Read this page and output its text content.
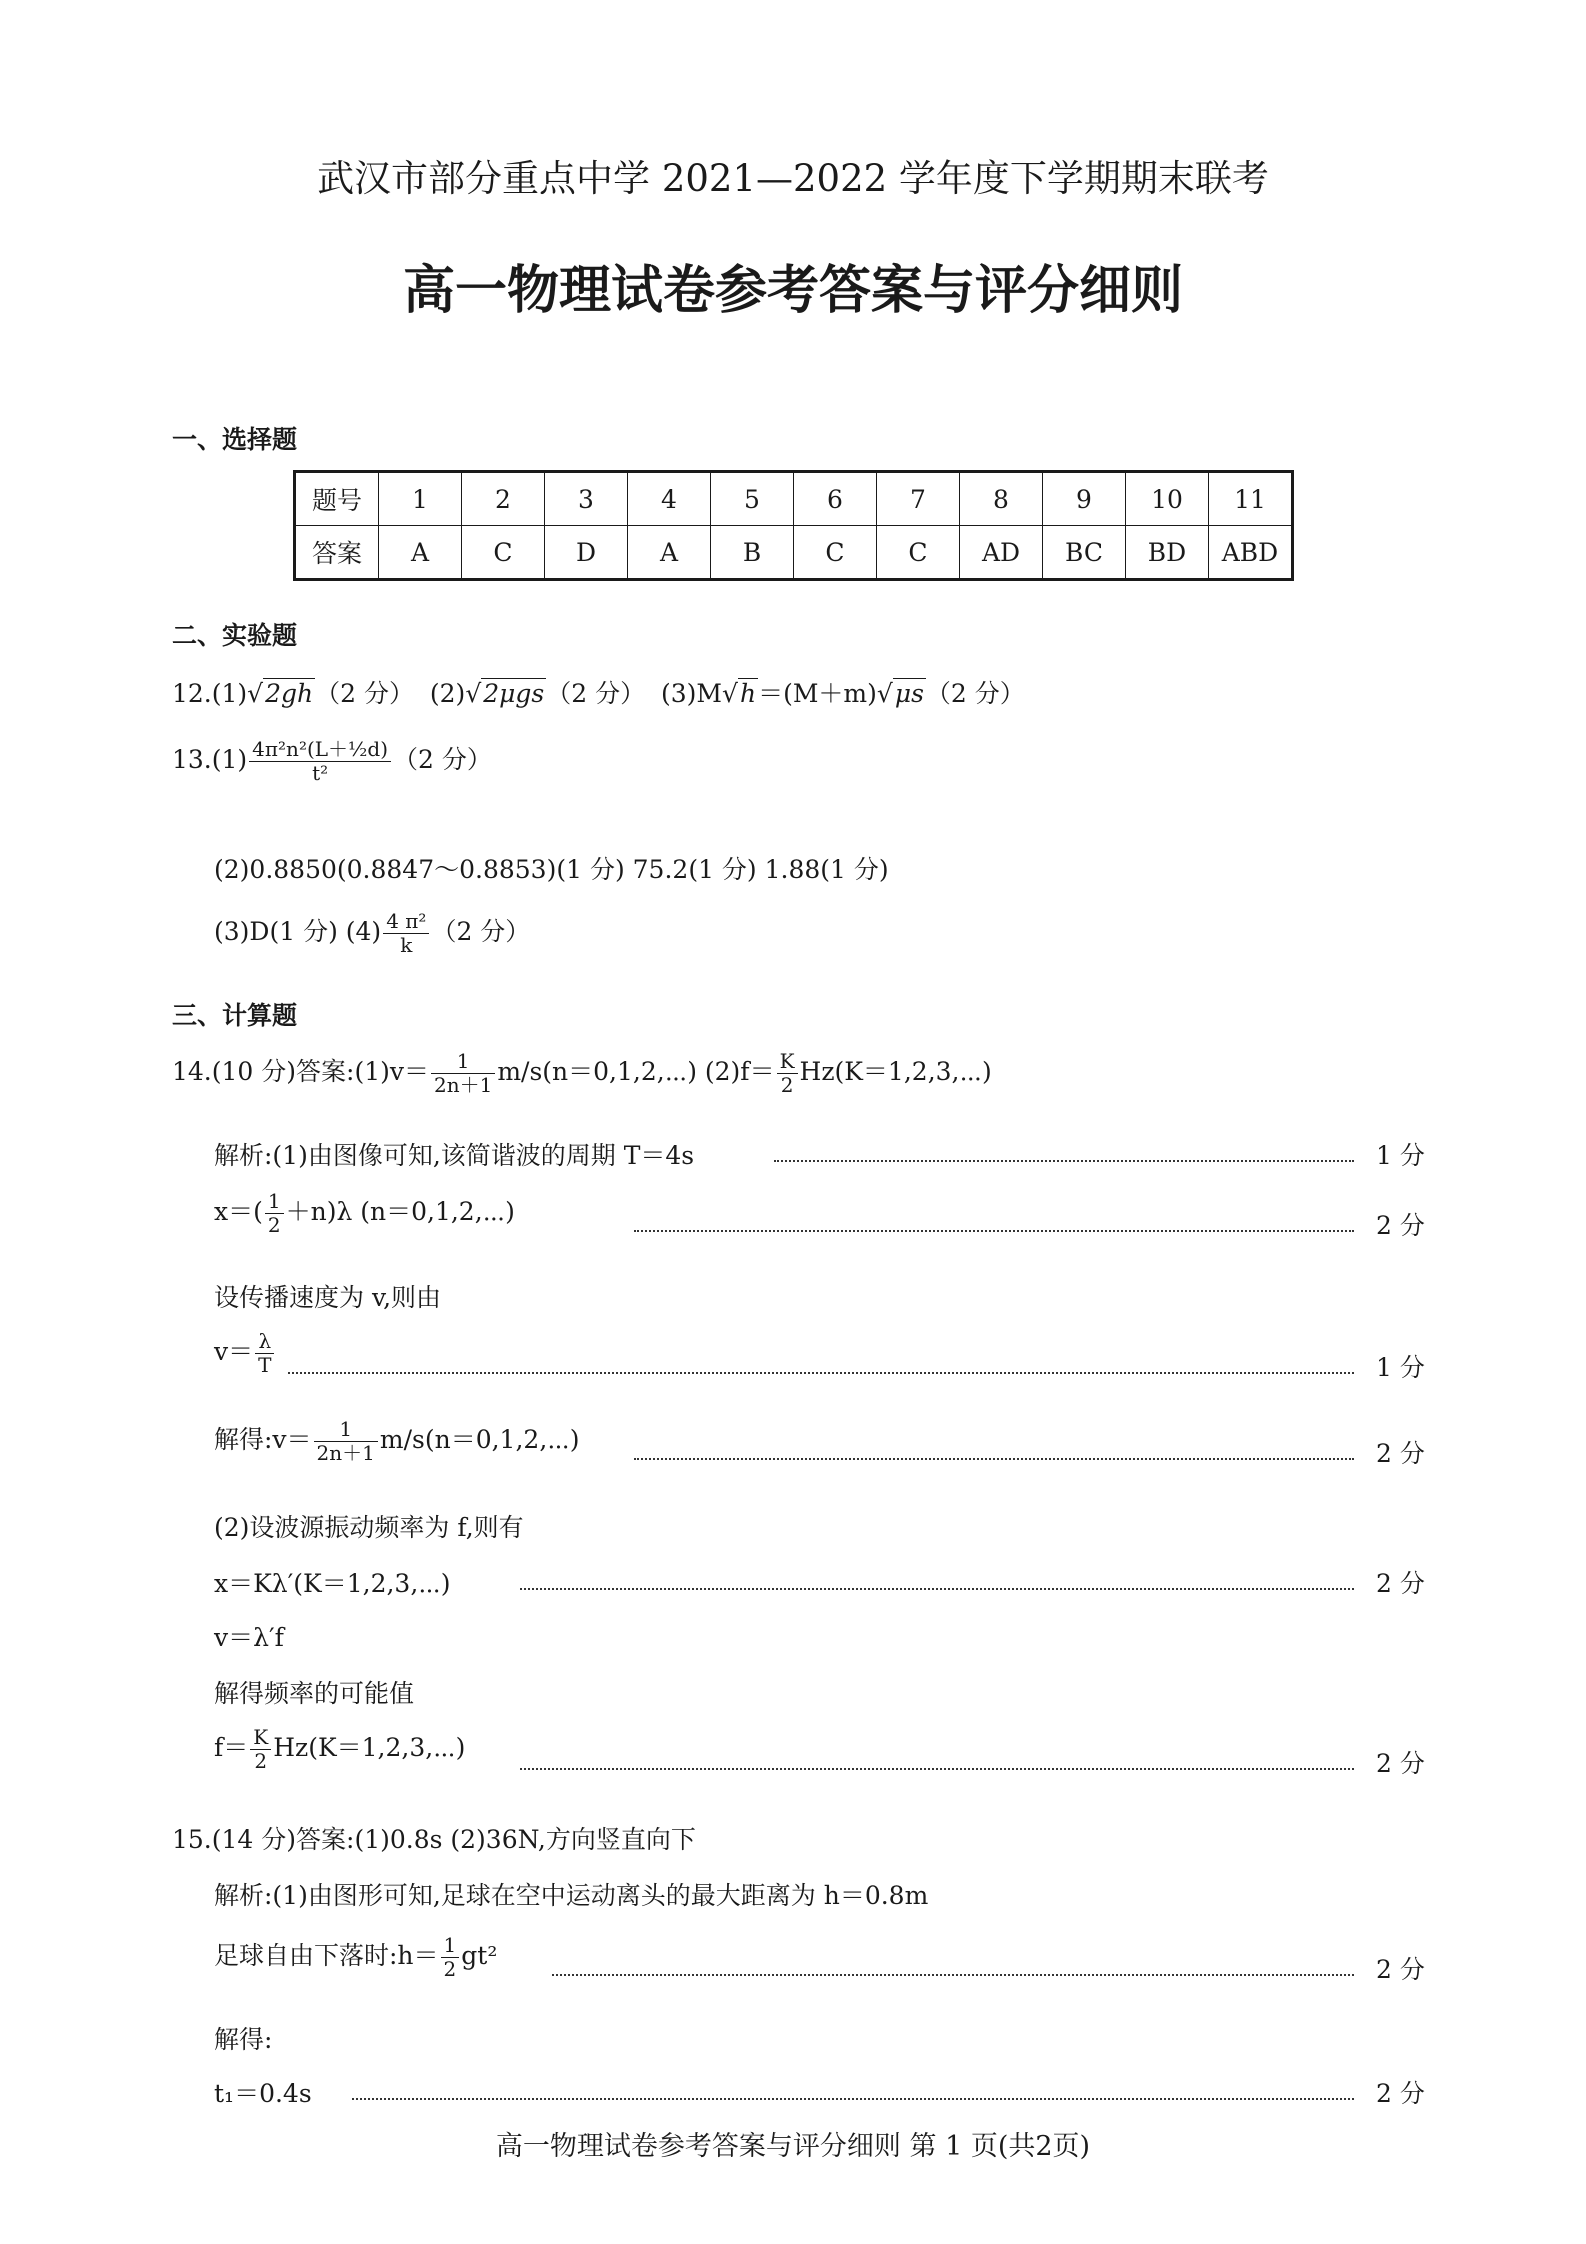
武汉市部分重点中学 2021—2022 学年度下学期期末联考
高一物理试卷参考答案与评分细则
一、选择题
题号	1	2	3	4	5	6	7	8	9	10	11
答案	A	C	D	A	B	C	C	AD	BC	BD	ABD
二、实验题
12.(1)√2gh（2 分） (2)√2μgs（2 分） (3)M√h＝(M＋m)√μs（2 分）
$13.(1) \frac{\text{4π²n²(L＋½d)}}{\text{t²}} (2$ 分）
(2)0.8850(0.8847～0.8853)(1 分) 75.2(1 分) 1.88(1 分)
(3)D(1 分) $(4) \frac{\text{4 π²}}{k} (2$ 分）
三、计算题
14.(10 分)答案:(1)v＝ $\frac{1}{2n+1}$ m/s(n＝0,1,2,⋯) $(2)f= \frac{K}{2}$ Hz(K＝1,2,3,⋯)
解析:(1)由图像可知,该简谐波的周期 T＝4s	1 分
$x=( \frac{1}{2} +n)\lambda$ (n＝0,1,2,⋯)	2 分
设传播速度为 v,则由
$v= \frac{\lambda}{T}$	1 分
解得:v＝ $\frac{1}{2n+1}$ m/s(n＝0,1,2,⋯)	2 分
(2)设波源振动频率为 f,则有
x＝Kλ′(K＝1,2,3,⋯)	2 分
v＝λ′f
解得频率的可能值
$f= \frac{K}{2}$ Hz(K＝1,2,3,⋯)
2 分
15.(14 分)答案:(1)0.8s (2)36N,方向竖直向下
解析:(1)由图形可知,足球在空中运动离头的最大距离为 h＝0.8m
足球自由下落时:h＝ $\frac{1}{2} gt^2$	2 分
解得:
t₁＝0.4s	2 分
高一物理试卷参考答案与评分细则 第 1 页(共2页)
